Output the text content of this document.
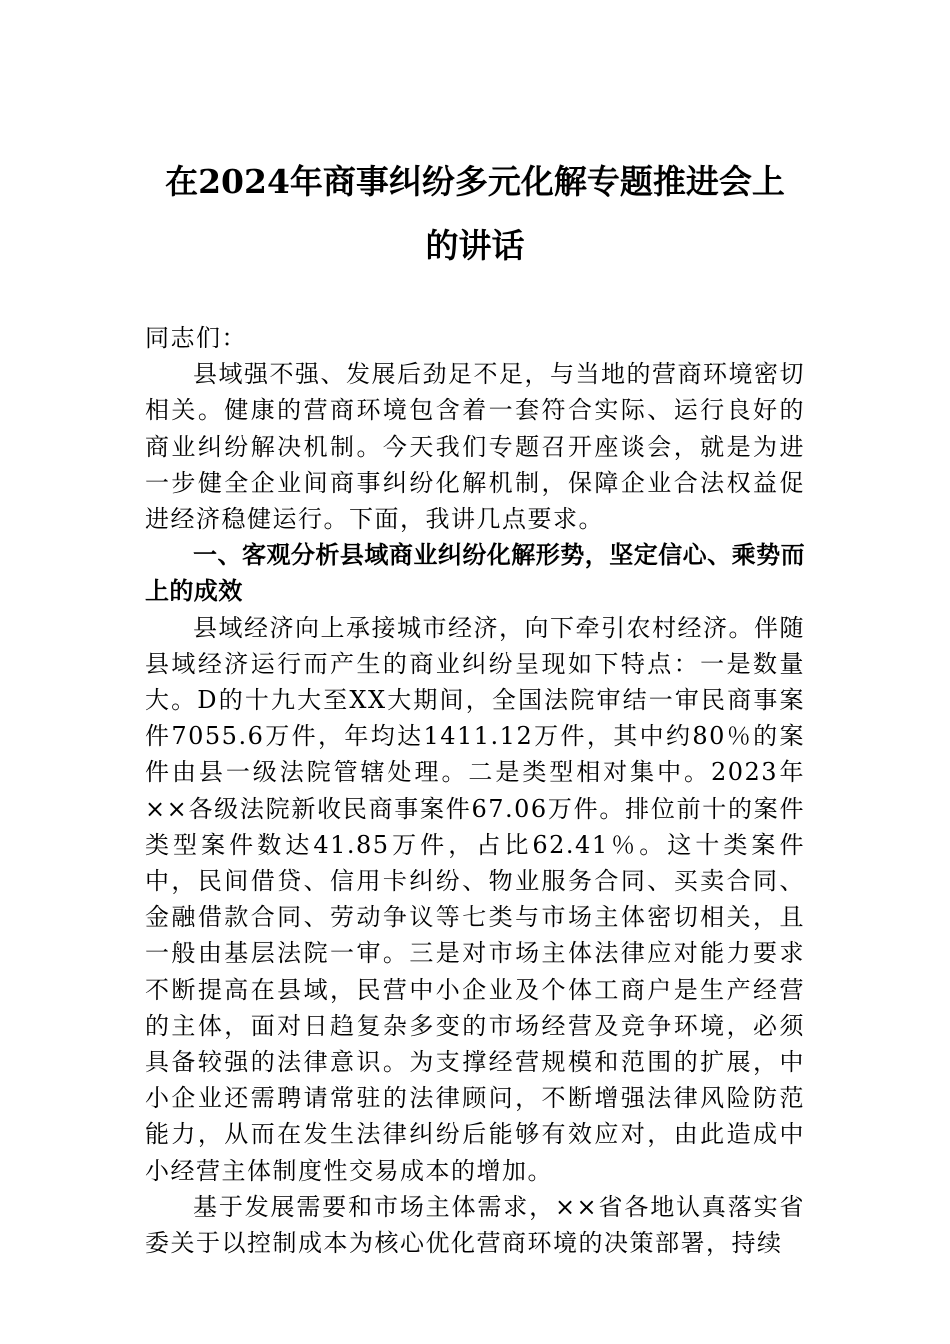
在2024年商事纠纷多元化解专题推进会上
的讲话

同志们：

县域强不强、发展后劲足不足，与当地的营商环境密切相关。健康的营商环境包含着一套符合实际、运行良好的商业纠纷解决机制。今天我们专题召开座谈会，就是为进一步健全企业间商事纠纷化解机制，保障企业合法权益促进经济稳健运行。下面，我讲几点要求。

一、客观分析县域商业纠纷化解形势，坚定信心、乘势而上的成效

县域经济向上承接城市经济，向下牵引农村经济。伴随县域经济运行而产生的商业纠纷呈现如下特点：一是数量大。D的十九大至XX大期间，全国法院审结一审民商事案件7055.6万件，年均达1411.12万件，其中约80％的案件由县一级法院管辖处理。二是类型相对集中。2023年××各级法院新收民商事案件67.06万件。排位前十的案件类型案件数达41.85万件，占比62.41％。这十类案件中，民间借贷、信用卡纠纷、物业服务合同、买卖合同、金融借款合同、劳动争议等七类与市场主体密切相关，且一般由基层法院一审。三是对市场主体法律应对能力要求不断提高在县域，民营中小企业及个体工商户是生产经营的主体，面对日趋复杂多变的市场经营及竞争环境，必须具备较强的法律意识。为支撑经营规模和范围的扩展，中小企业还需聘请常驻的法律顾问，不断增强法律风险防范能力，从而在发生法律纠纷后能够有效应对，由此造成中小经营主体制度性交易成本的增加。

基于发展需要和市场主体需求，××省各地认真落实省委关于以控制成本为核心优化营商环境的决策部署，持续
